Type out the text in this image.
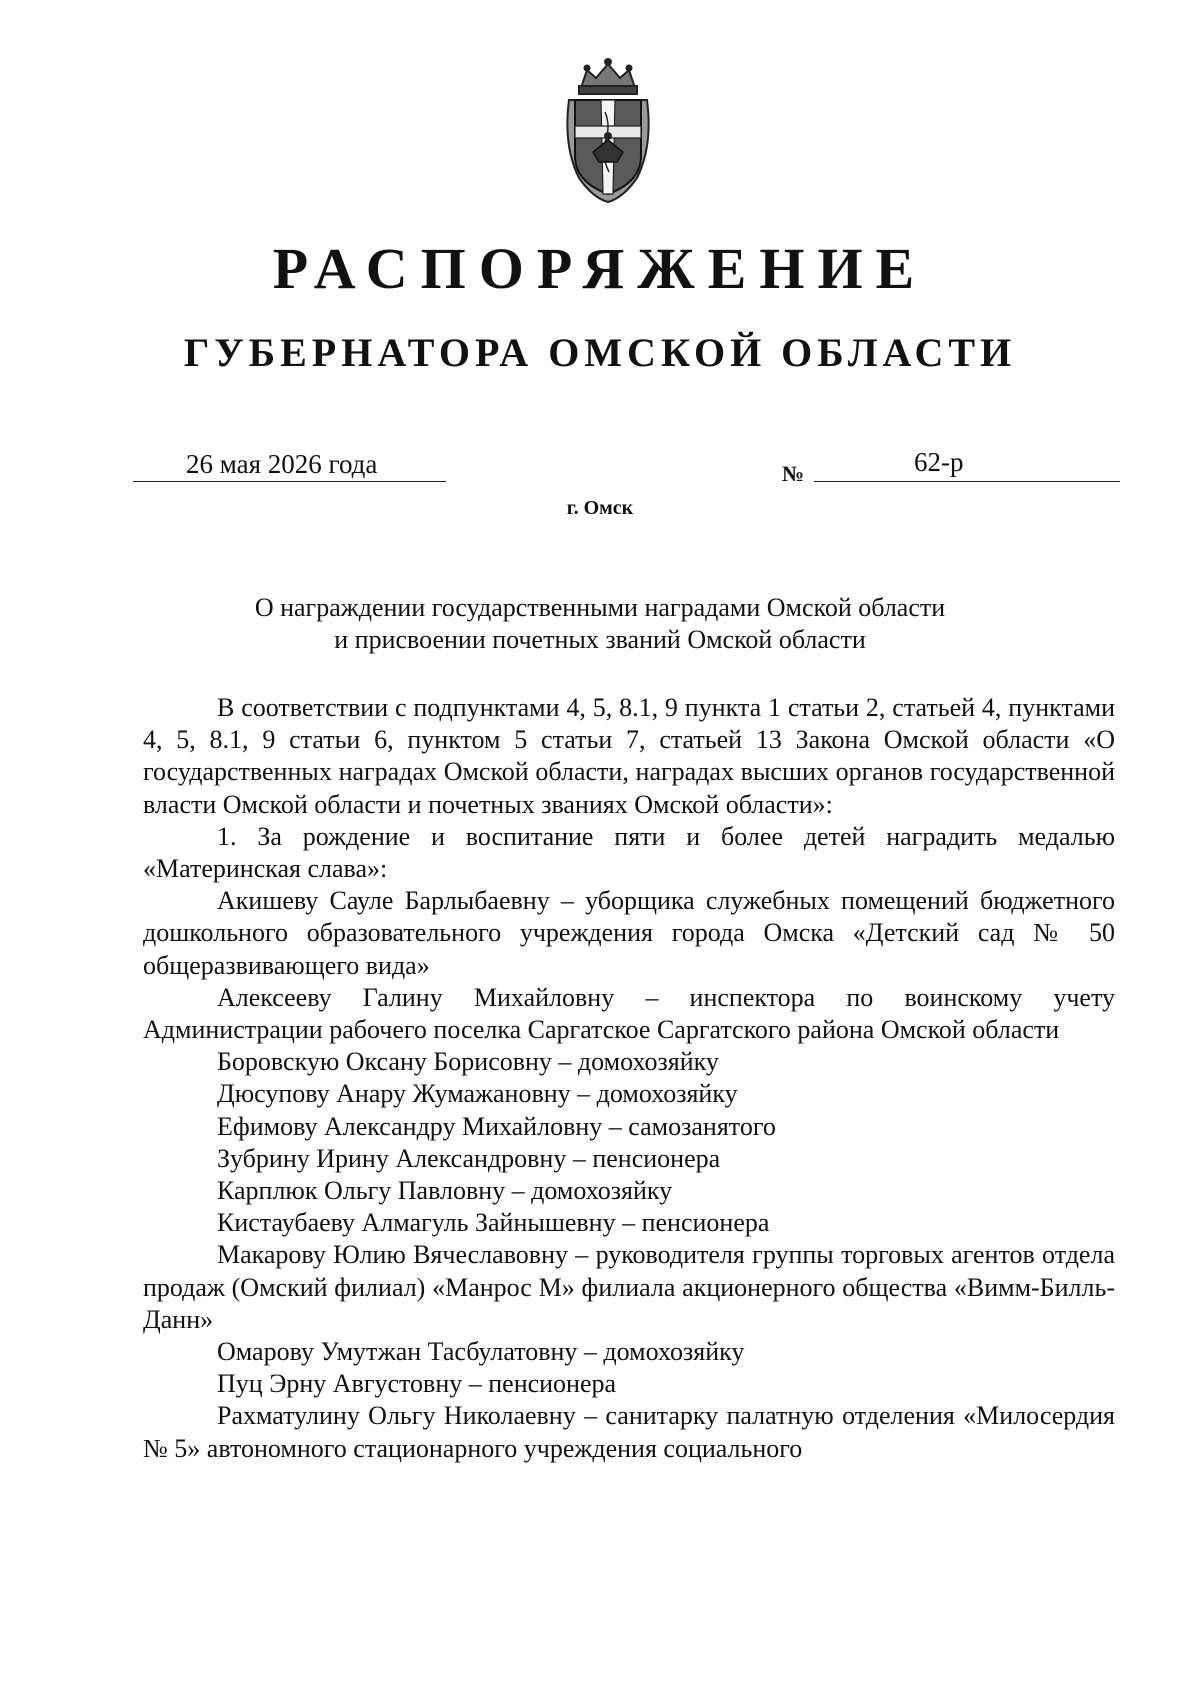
РАСПОРЯЖЕНИЕ
ГУБЕРНАТОРА ОМСКОЙ ОБЛАСТИ
26 мая 2026 года	№	62-р
г. Омск
О награждении государственными наградами Омской области
и присвоении почетных званий Омской области

В соответствии с подпунктами 4, 5, 8.1, 9 пункта 1 статьи 2, статьей 4, пунктами 4, 5, 8.1, 9 статьи 6, пунктом 5 статьи 7, статьей 13 Закона Омской области «О государственных наградах Омской области, наградах высших органов государственной власти Омской области и почетных званиях Омской области»:

1. За рождение и воспитание пяти и более детей наградить медалью «Материнская слава»:

Акишеву Сауле Барлыбаевну – уборщика служебных помещений бюджетного дошкольного образовательного учреждения города Омска «Детский сад № 50 общеразвивающего вида»

Алексееву Галину Михайловну – инспектора по воинскому учету Администрации рабочего поселка Саргатское Саргатского района Омской области

Боровскую Оксану Борисовну – домохозяйку

Дюсупову Анару Жумажановну – домохозяйку

Ефимову Александру Михайловну – самозанятого

Зубрину Ирину Александровну – пенсионера

Карплюк Ольгу Павловну – домохозяйку

Кистаубаеву Алмагуль Зайнышевну – пенсионера

Макарову Юлию Вячеславовну – руководителя группы торговых агентов отдела продаж (Омский филиал) «Манрос М» филиала акционерного общества «Вимм-Билль-Данн»

Омарову Умутжан Тасбулатовну – домохозяйку

Пуц Эрну Августовну – пенсионера

Рахматулину Ольгу Николаевну – санитарку палатную отделения «Милосердия № 5» автономного стационарного учреждения социального
